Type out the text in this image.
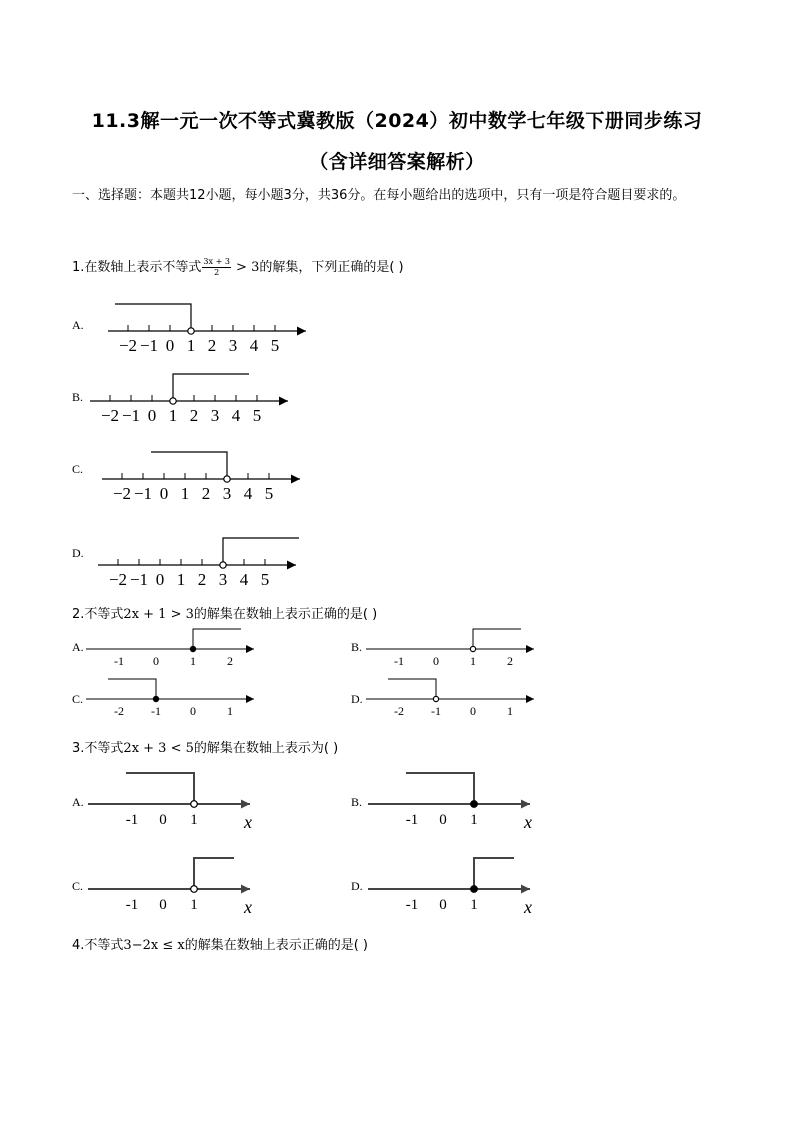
11.3解一元一次不等式冀教版（2024）初中数学七年级下册同步练习
（含详细答案解析）
一、选择题：本题共12小题，每小题3分，共36分。在每小题给出的选项中，只有一项是符合题目要求的。
1.在数轴上表示不等式 $\frac{3x + 3}{2} > 3$的解集，下列正确的是( )
A.
−2 −1 0 1 2 3 4 5
B.
−2 −1 0 1 2 3 4 5
C.
−2 −1 0 1 2 3 4 5
D.
−2 −1 0 1 2 3 4 5
2.不等式2x + 1 > 3的解集在数轴上表示正确的是( )
A.
-1 0	1	2
B.
-1 0	1	2
C.
-2 -1 0	1
D.
-2 -1 0	1
3.不等式2x + 3 < 5的解集在数轴上表示为( )
A.
-1 0 1	x
B.
-1 0 1	x
C.
-1 0 1	x
D.
-1 0 1	x
4.不等式3−2x ≤ x的解集在数轴上表示正确的是( )
